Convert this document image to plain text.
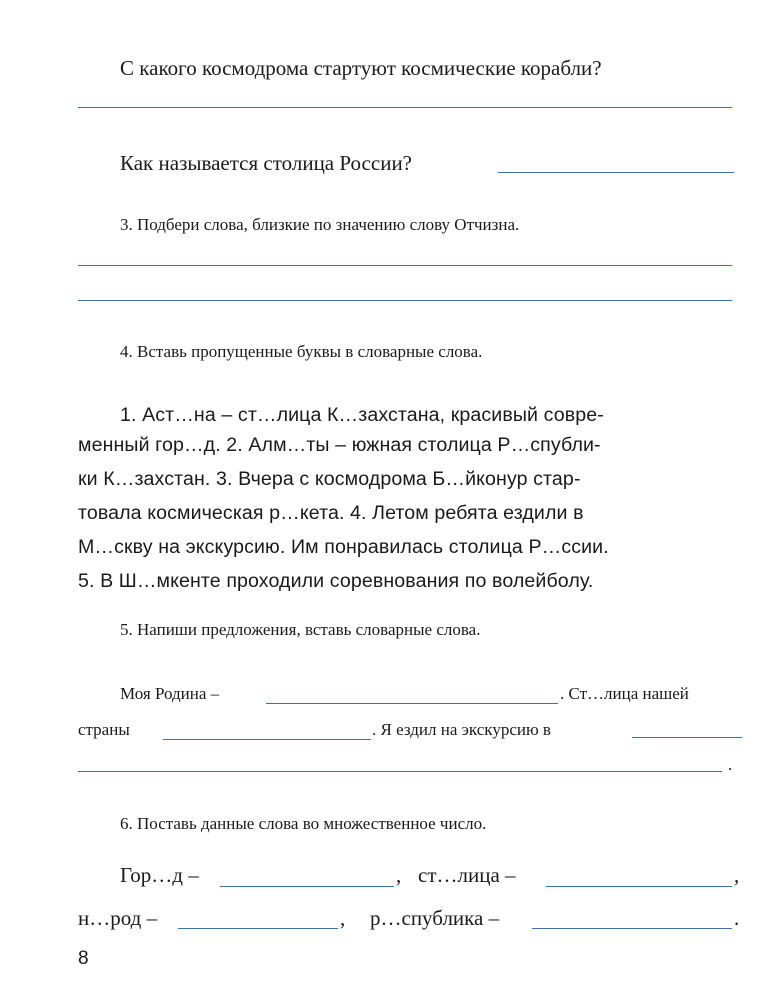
С какого космодрома стартуют космические корабли?
Как называется столица России?
3. Подбери слова, близкие по значению слову Отчизна.
4. Вставь пропущенные буквы в словарные слова.
1. Аст…на – ст…лица К…захстана, красивый совре-
менный гор…д. 2. Алм…ты – южная столица Р…спубли-
ки К…захстан. 3. Вчера с космодрома Б…йконур стар-
товала космическая р…кета. 4. Летом ребята ездили в
М…скву на экскурсию. Им понравилась столица Р…ссии.
5. В Ш…мкенте проходили соревнования по волейболу.
5. Напиши предложения, вставь словарные слова.
Моя Родина –	. Ст…лица нашей
страны	. Я ездил на экскурсию в
.
6. Поставь данные слова во множественное число.
Гор…д –	, ст…лица –	,
н…род –	, р…спублика –	.
8
